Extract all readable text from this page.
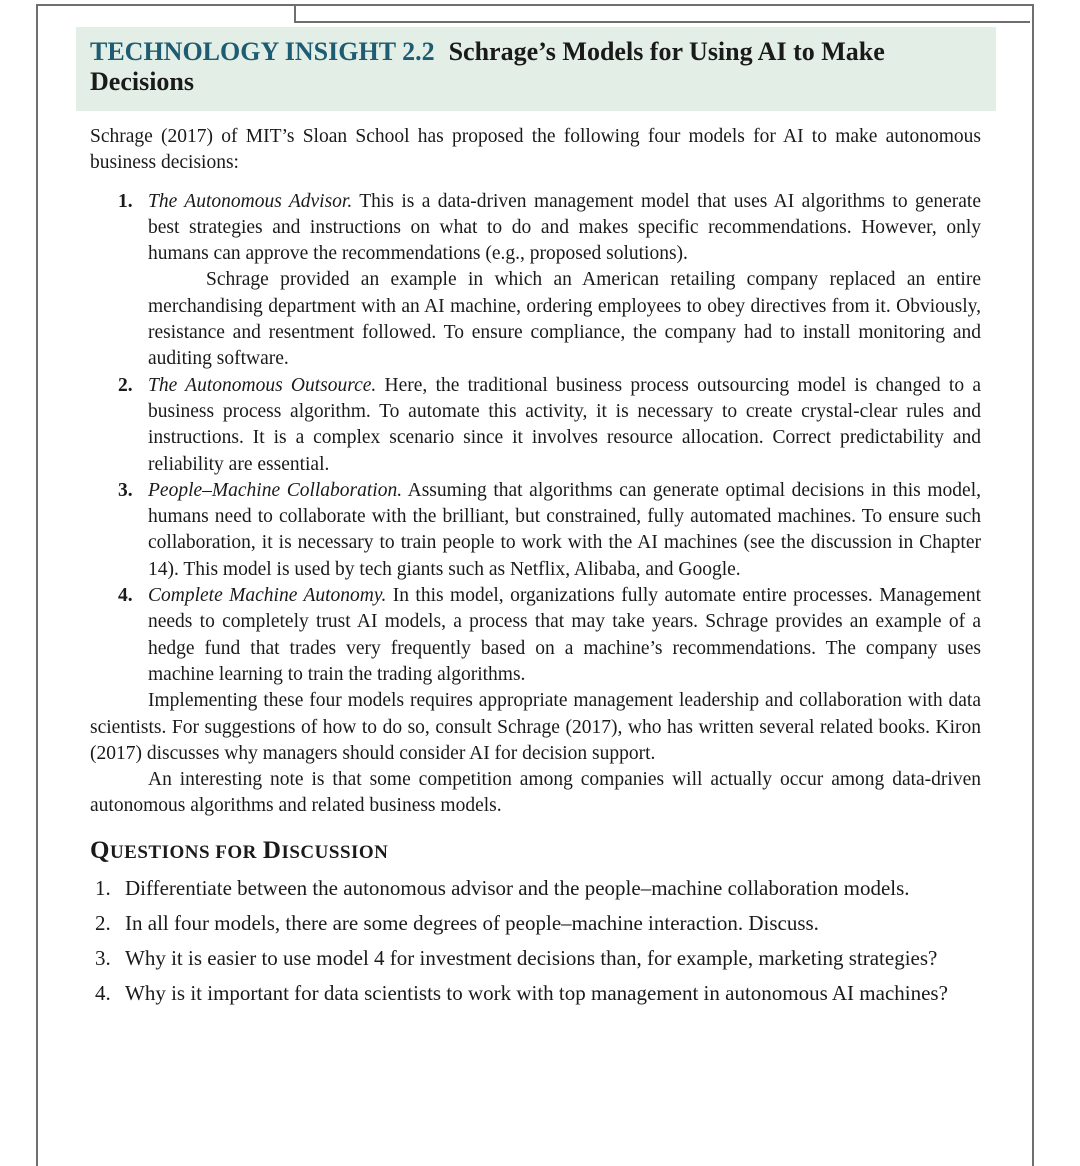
TECHNOLOGY INSIGHT 2.2 Schrage’s Models for Using AI to Make Decisions

Schrage (2017) of MIT’s Sloan School has proposed the following four models for AI to make autonomous business decisions:

1. The Autonomous Advisor. This is a data-driven management model that uses AI algorithms to generate best strategies and instructions on what to do and makes specific recommendations. However, only humans can approve the recommendations (e.g., proposed solutions).

Schrage provided an example in which an American retailing company replaced an entire merchandising department with an AI machine, ordering employees to obey directives from it. Obviously, resistance and resentment followed. To ensure compliance, the company had to install monitoring and auditing software.

2. The Autonomous Outsource. Here, the traditional business process outsourcing model is changed to a business process algorithm. To automate this activity, it is necessary to create crystal-clear rules and instructions. It is a complex scenario since it involves resource allocation. Correct predictability and reliability are essential.

3. People–Machine Collaboration. Assuming that algorithms can generate optimal decisions in this model, humans need to collaborate with the brilliant, but constrained, fully automated machines. To ensure such collaboration, it is necessary to train people to work with the AI machines (see the discussion in Chapter 14). This model is used by tech giants such as Netflix, Alibaba, and Google.

4. Complete Machine Autonomy. In this model, organizations fully automate entire processes. Management needs to completely trust AI models, a process that may take years. Schrage provides an example of a hedge fund that trades very frequently based on a machine’s recommendations. The company uses machine learning to train the trading algorithms.

Implementing these four models requires appropriate management leadership and collaboration with data scientists. For suggestions of how to do so, consult Schrage (2017), who has written several related books. Kiron (2017) discusses why managers should consider AI for decision support.

An interesting note is that some competition among companies will actually occur among data-driven autonomous algorithms and related business models.

QUESTIONS FOR DISCUSSION
1. Differentiate between the autonomous advisor and the people–machine collaboration models.
2. In all four models, there are some degrees of people–machine interaction. Discuss.
3. Why it is easier to use model 4 for investment decisions than, for example, marketing strategies?
4. Why is it important for data scientists to work with top management in autonomous AI machines?
